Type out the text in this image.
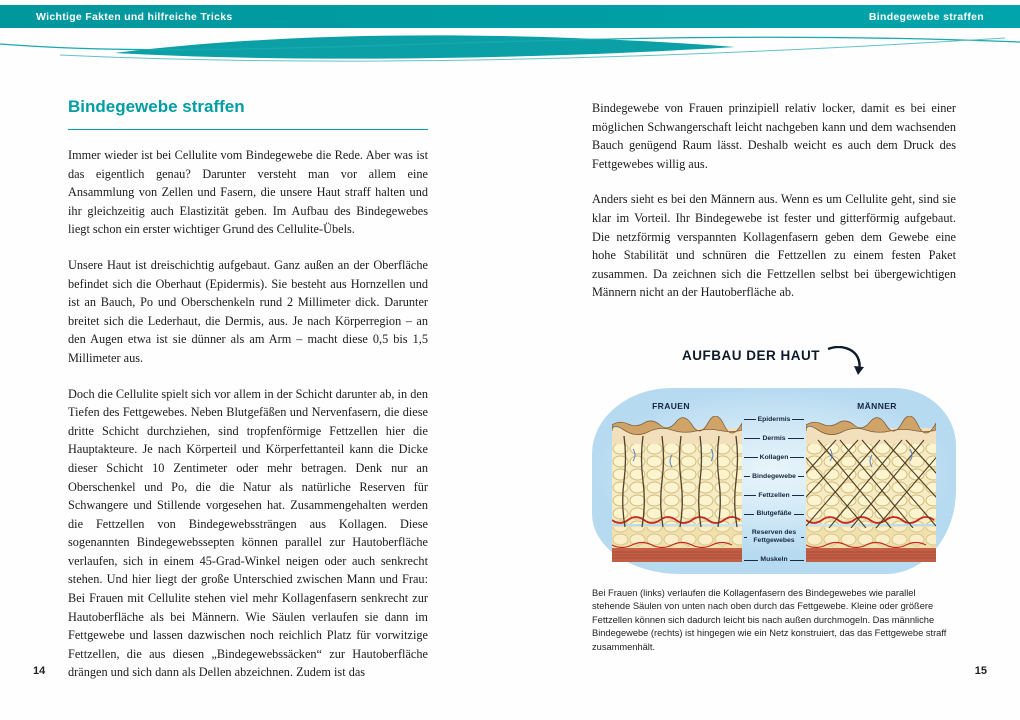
Wichtige Fakten und hilfreiche Tricks	Bindegewebe straffen
Bindegewebe straffen

Immer wieder ist bei Cellulite vom Bindegewebe die Rede. Aber was ist das eigentlich genau? Darunter versteht man vor allem eine Ansammlung von Zellen und Fasern, die unsere Haut straff halten und ihr gleichzeitig auch Elastizität geben. Im Aufbau des Bindegewebes liegt schon ein erster wichtiger Grund des Cellulite-Übels.

Unsere Haut ist dreischichtig aufgebaut. Ganz außen an der Oberfläche befindet sich die Oberhaut (Epidermis). Sie besteht aus Hornzellen und ist an Bauch, Po und Oberschenkeln rund 2 Millimeter dick. Darunter breitet sich die Lederhaut, die Dermis, aus. Je nach Körperregion – an den Augen etwa ist sie dünner als am Arm – macht diese 0,5 bis 1,5 Millimeter aus.

Doch die Cellulite spielt sich vor allem in der Schicht darunter ab, in den Tiefen des Fettgewebes. Neben Blutgefäßen und Nervenfasern, die diese dritte Schicht durchziehen, sind tropfenförmige Fettzellen hier die Hauptakteure. Je nach Körperteil und Körperfettanteil kann die Dicke dieser Schicht 10 Zentimeter oder mehr betragen. Denk nur an Oberschenkel und Po, die die Natur als natürliche Reserven für Schwangere und Stillende vorgesehen hat. Zusammengehalten werden die Fettzellen von Bindegewebssträngen aus Kollagen. Diese sogenannten Bindegewebssepten können parallel zur Hautoberfläche verlaufen, sich in einem 45-Grad-Winkel neigen oder auch senkrecht stehen. Und hier liegt der große Unterschied zwischen Mann und Frau: Bei Frauen mit Cellulite stehen viel mehr Kollagenfasern senkrecht zur Hautoberfläche als bei Männern. Wie Säulen verlaufen sie dann im Fettgewebe und lassen dazwischen noch reichlich Platz für vorwitzige Fettzellen, die aus diesen „Bindegewebssäcken“ zur Hautoberfläche drängen und sich dann als Dellen abzeichnen. Zudem ist das

Bindegewebe von Frauen prinzipiell relativ locker, damit es bei einer möglichen Schwangerschaft leicht nachgeben kann und dem wachsenden Bauch genügend Raum lässt. Deshalb weicht es auch dem Druck des Fettgewebes willig aus.

Anders sieht es bei den Männern aus. Wenn es um Cellulite geht, sind sie klar im Vorteil. Ihr Bindegewebe ist fester und gitterförmig aufgebaut. Die netzförmig verspannten Kollagenfasern geben dem Gewebe eine hohe Stabilität und schnüren die Fettzellen zu einem festen Paket zusammen. Da zeichnen sich die Fettzellen selbst bei übergewichtigen Männern nicht an der Hautoberfläche ab.

AUFBAU DER HAUT
FRAUEN	MÄNNER
Epidermis
Dermis
Kollagen
Bindegewebe
Fettzellen
Blutgefäße
Reserven des Fettgewebes
Muskeln

Bei Frauen (links) verlaufen die Kollagenfasern des Bindegewebes wie parallel stehende Säulen von unten nach oben durch das Fettgewebe. Kleine oder größere Fettzellen können sich dadurch leicht bis nach außen durchmogeln. Das männliche Bindegewebe (rechts) ist hingegen wie ein Netz konstruiert, das das Fettgewebe straff zusammenhält.

14	15
